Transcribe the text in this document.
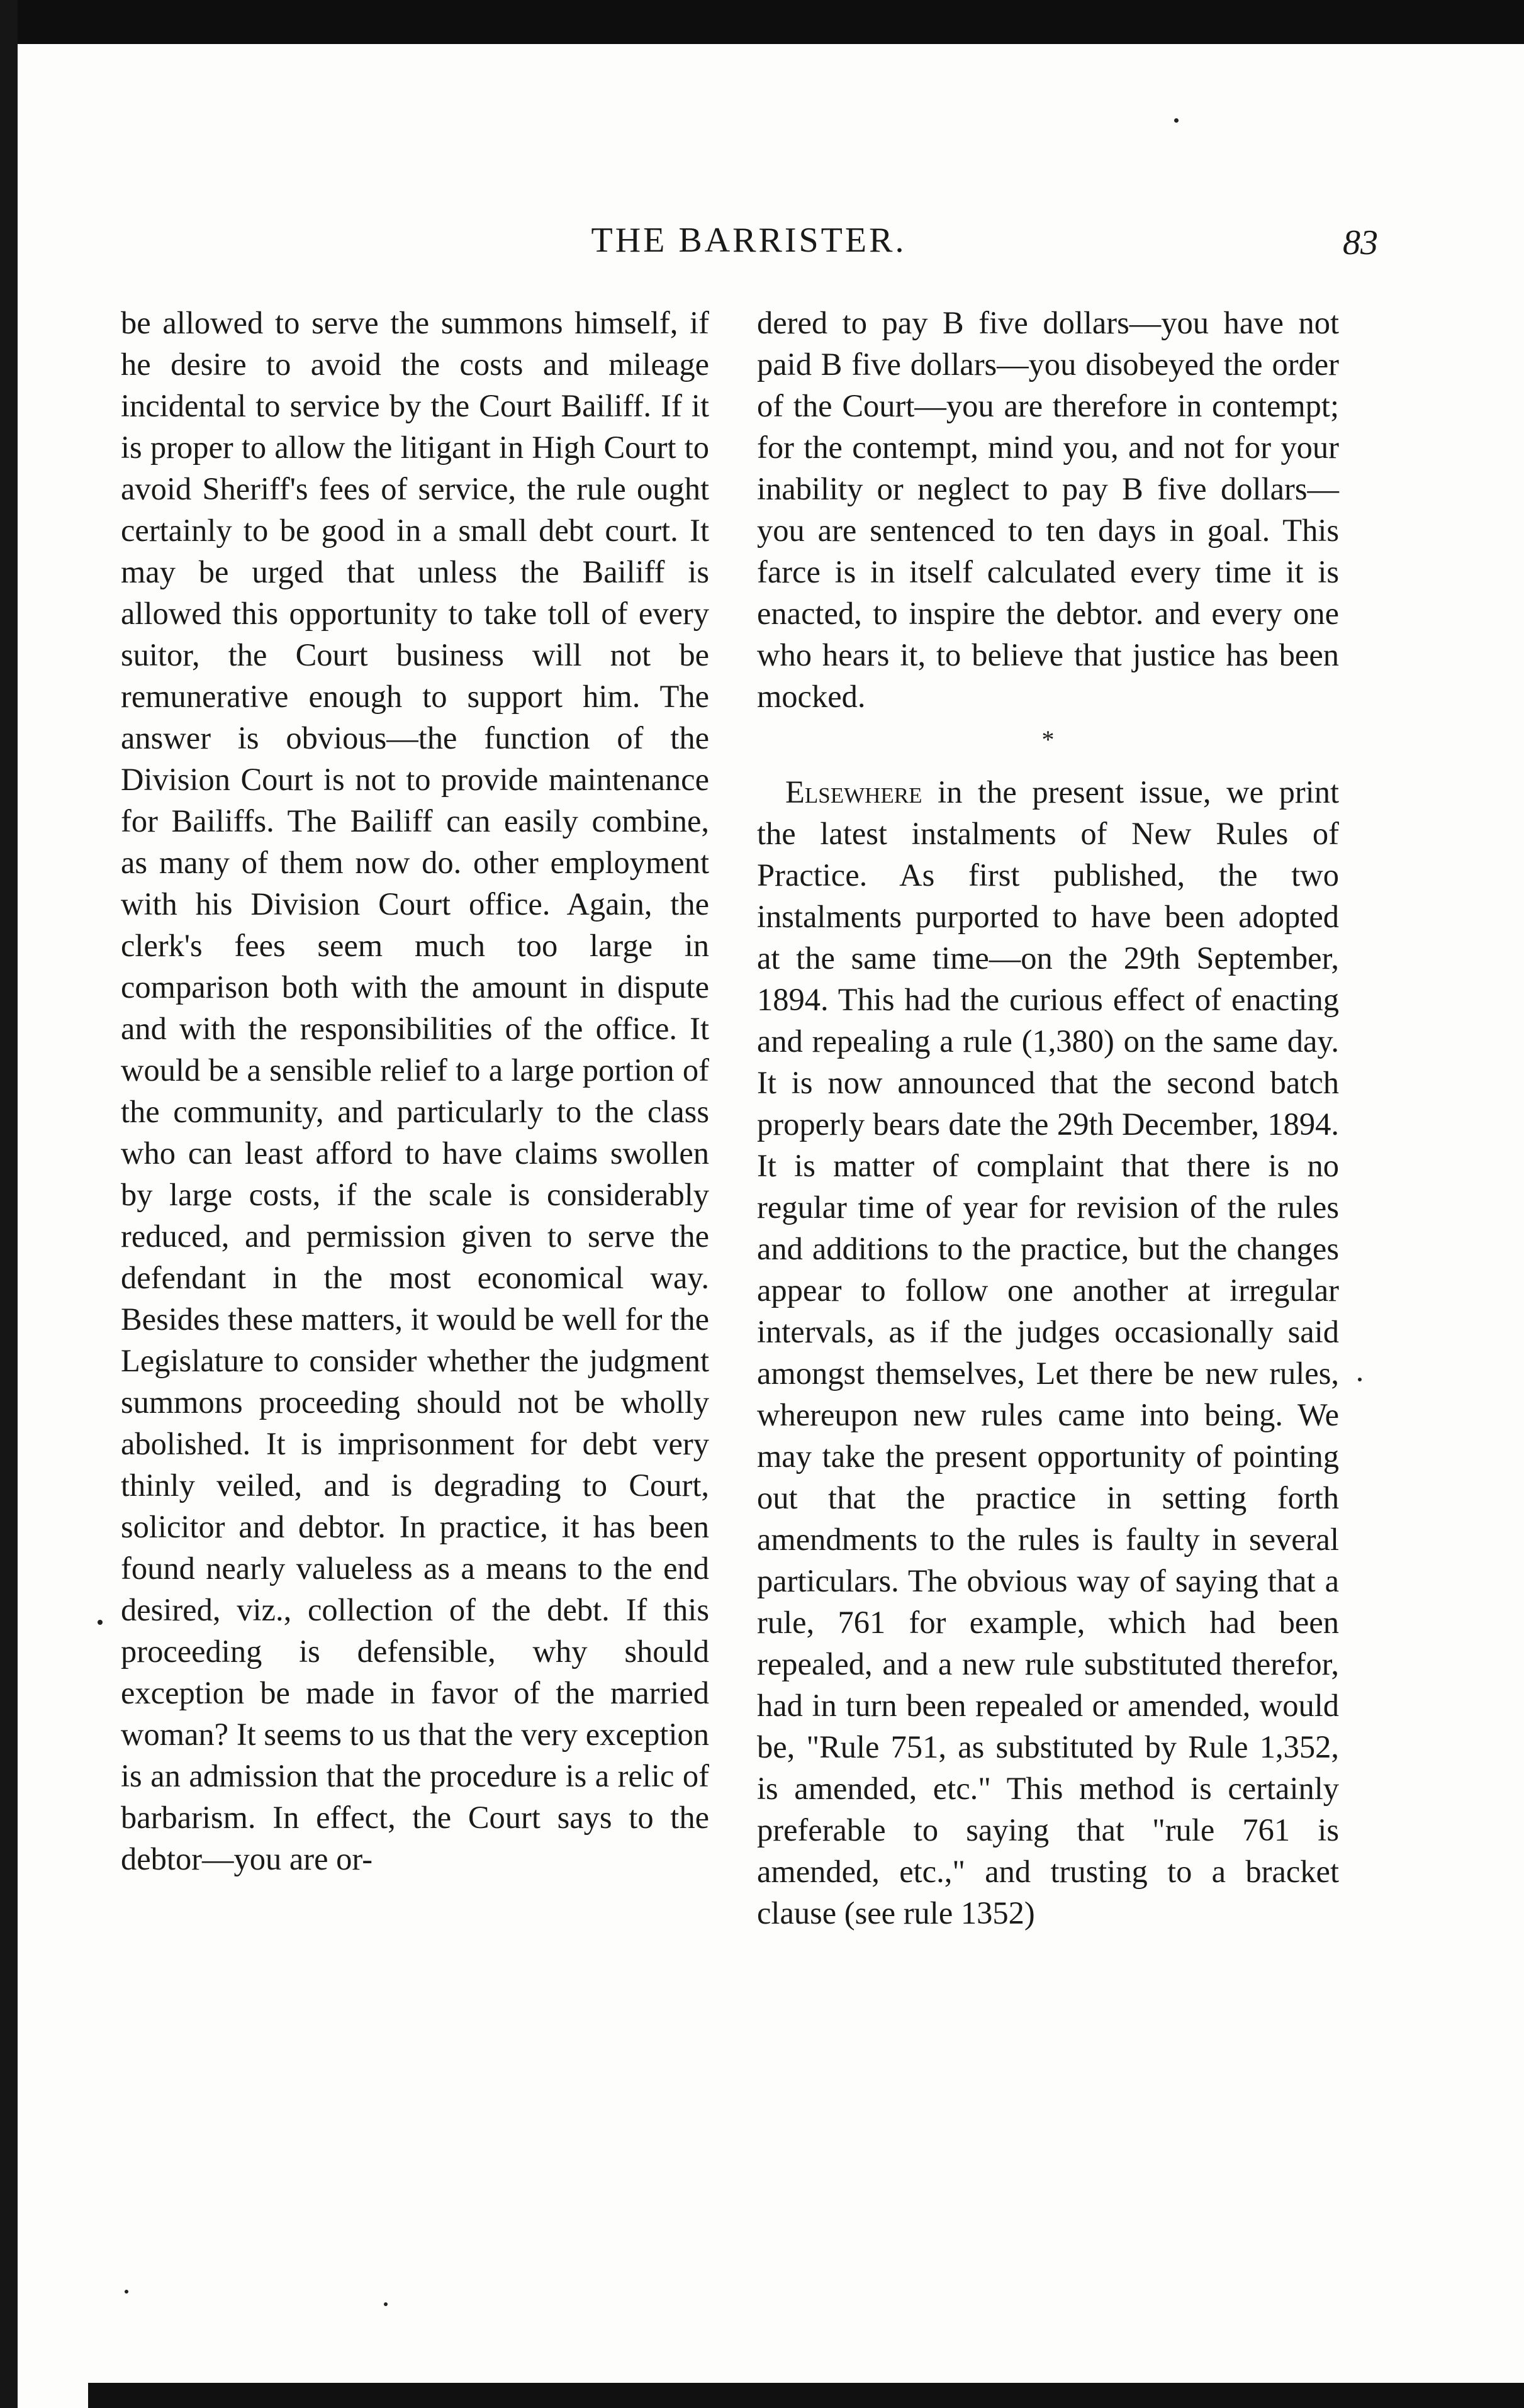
THE BARRISTER.	83

be allowed to serve the summons himself, if he desire to avoid the costs and mileage incidental to service by the Court Bailiff. If it is proper to allow the litigant in High Court to avoid Sheriff's fees of service, the rule ought certainly to be good in a small debt court. It may be urged that unless the Bailiff is allowed this opportunity to take toll of every suitor, the Court business will not be remunerative enough to support him. The answer is obvious—the function of the Division Court is not to provide maintenance for Bailiffs. The Bailiff can easily combine, as many of them now do. other employment with his Division Court office. Again, the clerk's fees seem much too large in comparison both with the amount in dispute and with the responsibilities of the office. It would be a sensible relief to a large portion of the community, and particularly to the class who can least afford to have claims swollen by large costs, if the scale is considerably reduced, and permission given to serve the defendant in the most economical way. Besides these matters, it would be well for the Legislature to consider whether the judgment summons proceeding should not be wholly abolished. It is imprisonment for debt very thinly veiled, and is degrading to Court, solicitor and debtor. In practice, it has been found nearly valueless as a means to the end desired, viz., collection of the debt. If this proceeding is defensible, why should exception be made in favor of the married woman? It seems to us that the very exception is an admission that the procedure is a relic of barbarism. In effect, the Court says to the debtor—you are or-

dered to pay B five dollars—you have not paid B five dollars—you disobeyed the order of the Court—you are therefore in contempt; for the contempt, mind you, and not for your inability or neglect to pay B five dollars—you are sentenced to ten days in goal. This farce is in itself calculated every time it is enacted, to inspire the debtor. and every one who hears it, to believe that justice has been mocked.

*

Elsewhere in the present issue, we print the latest instalments of New Rules of Practice. As first published, the two instalments purported to have been adopted at the same time—on the 29th September, 1894. This had the curious effect of enacting and repealing a rule (1,380) on the same day. It is now announced that the second batch properly bears date the 29th December, 1894. It is matter of complaint that there is no regular time of year for revision of the rules and additions to the practice, but the changes appear to follow one another at irregular intervals, as if the judges occasionally said amongst themselves, Let there be new rules, whereupon new rules came into being. We may take the present opportunity of pointing out that the practice in setting forth amendments to the rules is faulty in several particulars. The obvious way of saying that a rule, 761 for example, which had been repealed, and a new rule substituted therefor, had in turn been repealed or amended, would be, "Rule 751, as substituted by Rule 1,352, is amended, etc." This method is certainly preferable to saying that "rule 761 is amended, etc.," and trusting to a bracket clause (see rule 1352)
